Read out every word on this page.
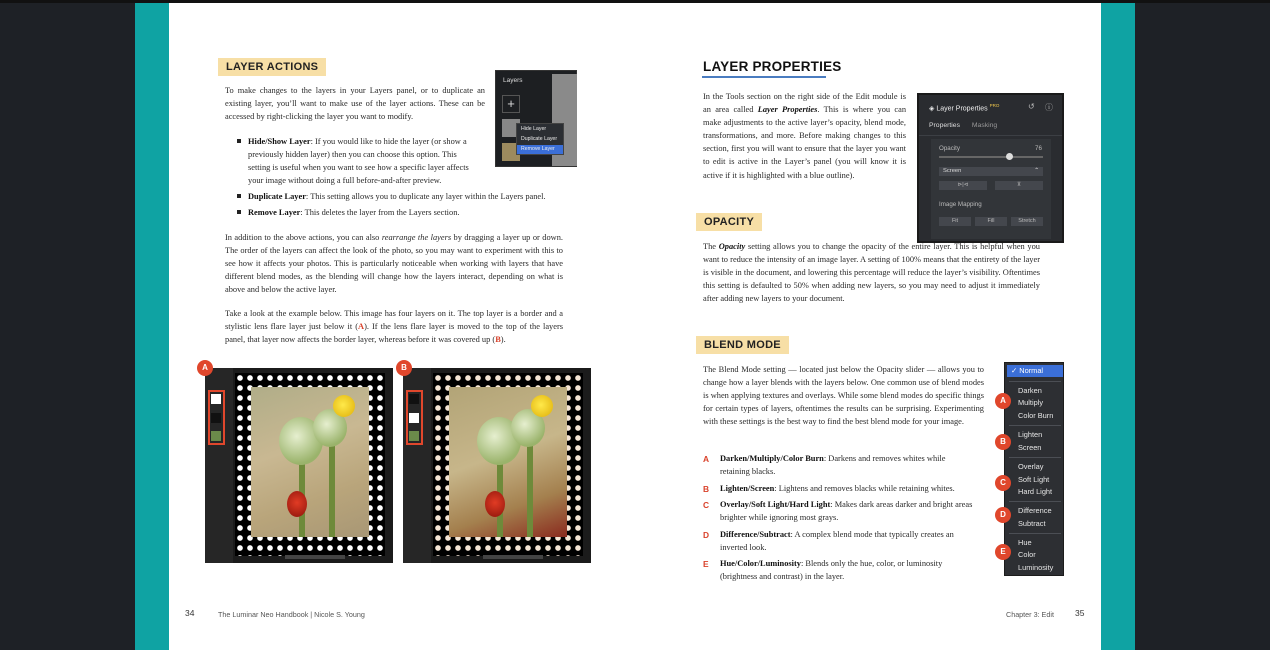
LAYER ACTIONS
To make changes to the layers in your Layers panel, or to duplicate an existing layer, you’ll want to make use of the layer actions. These can be accessed by right-clicking the layer you want to modify.
Hide/Show Layer: If you would like to hide the layer (or show a previously hidden layer) then you can choose this option. This setting is useful when you want to see how a specific layer affects your image without doing a full before-and-after preview.
Duplicate Layer: This setting allows you to duplicate any layer within the Layers panel.
Remove Layer: This deletes the layer from the Layers section.
In addition to the above actions, you can also rearrange the layers by dragging a layer up or down. The order of the layers can affect the look of the photo, so you may want to experiment with this to see how it affects your photos. This is particularly noticeable when working with layers that have different blend modes, as the blending will change how the layers interact, depending on what is above and below the active layer.
Take a look at the example below. This image has four layers on it. The top layer is a border and a stylistic lens flare layer just below it (A). If the lens flare layer is moved to the top of the layers panel, that layer now affects the border layer, whereas before it was covered up (B).
Layers
+
Hide Layer
Duplicate Layer
Remove Layer
A	B
34	The Luminar Neo Handbook | Nicole S. Young
LAYER PROPERTIES
In the Tools section on the right side of the Edit module is an area called Layer Properties. This is where you can make adjustments to the active layer’s opacity, blend mode, transformations, and more. Before making changes to this section, first you will want to ensure that the layer you want to edit is active in the Layer’s panel (you will know it is active if it is highlighted with a blue outline).
◈ Layer Properties $^{PRO}$	↺ ⓘ
Properties Masking
Opacity	76
Screen	⌃
⊳|⊲	⊼
Image Mapping
Fit	Fill	Stretch
OPACITY
The Opacity setting allows you to change the opacity of the entire layer. This is helpful when you want to reduce the intensity of an image layer. A setting of 100% means that the entirety of the layer is visible in the document, and lowering this percentage will reduce the layer’s visibility. Oftentimes this setting is defaulted to 50% when adding new layers, so you may need to adjust it immediately after adding new layers to your document.
BLEND MODE
The Blend Mode setting — located just below the Opacity slider — allows you to change how a layer blends with the layers below. One common use of blend modes is when applying textures and overlays. While some blend modes do specific things for certain types of layers, oftentimes the results can be surprising. Experimenting with these settings is the best way to find the best blend mode for your image.
A Darken/Multiply/Color Burn: Darkens and removes whites while retaining blacks.
B Lighten/Screen: Lightens and removes blacks while retaining whites.
C Overlay/Soft Light/Hard Light: Makes dark areas darker and bright areas brighter while ignoring most grays.
D Difference/Subtract: A complex blend mode that typically creates an inverted look.
E Hue/Color/Luminosity: Blends only the hue, color, or luminosity (brightness and contrast) in the layer.
✓ Normal
Darken
Multiply
Color Burn
Lighten
Screen
Overlay
Soft Light
Hard Light
Difference
Subtract
Hue
Color
Luminosity
A
B
C
D
E
Chapter 3: Edit 35
